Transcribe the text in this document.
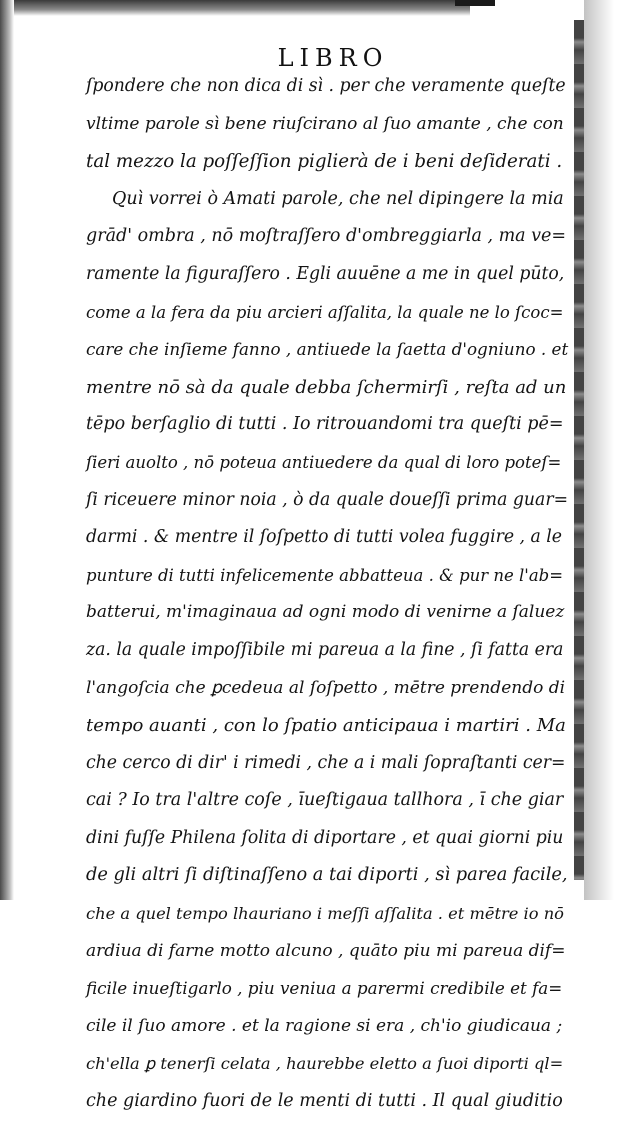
LIBRO
ſpondere che non dica di sì . per che veramente queſte
vltime parole sì bene riuſcirano al ſuo amante , che con
tal mezzo la poſſeſſion piglierà de i beni deſiderati .
Quì vorrei ò Amati parole, che nel dipingere la mia
grād' ombra , nō moſtraſſero d'ombreggiarla , ma ve=
ramente la figuraſſero . Egli auuēne a me in quel pūto,
come a la fera da piu arcieri aſſalita, la quale ne lo ſcoc=
care che inſieme fanno , antiuede la ſaetta d'ogniuno . et
mentre nō sà da quale debba ſchermirſi , reſta ad un
tēpo berſaglio di tutti . Io ritrouandomi tra queſti pē=
ſieri auolto , nō poteua antiuedere da qual di loro poteſ=
ſi riceuere minor noia , ò da quale doueſſi prima guar=
darmi . & mentre il ſoſpetto di tutti volea fuggire , a le
punture di tutti infelicemente abbatteua . & pur ne l'ab=
batterui, m'imaginaua ad ogni modo di venirne a ſaluez
za. la quale impoſſibile mi pareua a la fine , ſi fatta era
l'angoſcia che ꝑcedeua al ſoſpetto , mētre prendendo di
tempo auanti , con lo ſpatio anticipaua i martiri . Ma
che cerco di dir' i rimedi , che a i mali ſopraſtanti cer=
cai ? Io tra l'altre coſe , īueſtigaua tallhora , ī che giar
dini fuſſe Philena ſolita di diportare , et quai giorni piu
de gli altri ſi diſtinaſſeno a tai diporti , sì parea facile,
che a quel tempo lhauriano i meſſi aſſalita . et mētre io nō
ardiua di farne motto alcuno , quāto piu mi pareua dif=
ficile inueſtigarlo , piu veniua a parermi credibile et fa=
cile il ſuo amore . et la ragione si era , ch'io giudicaua ;
ch'ella ꝑ tenerſi celata , haurebbe eletto a ſuoi diporti ql=
che giardino fuori de le menti di tutti . Il qual giuditio
